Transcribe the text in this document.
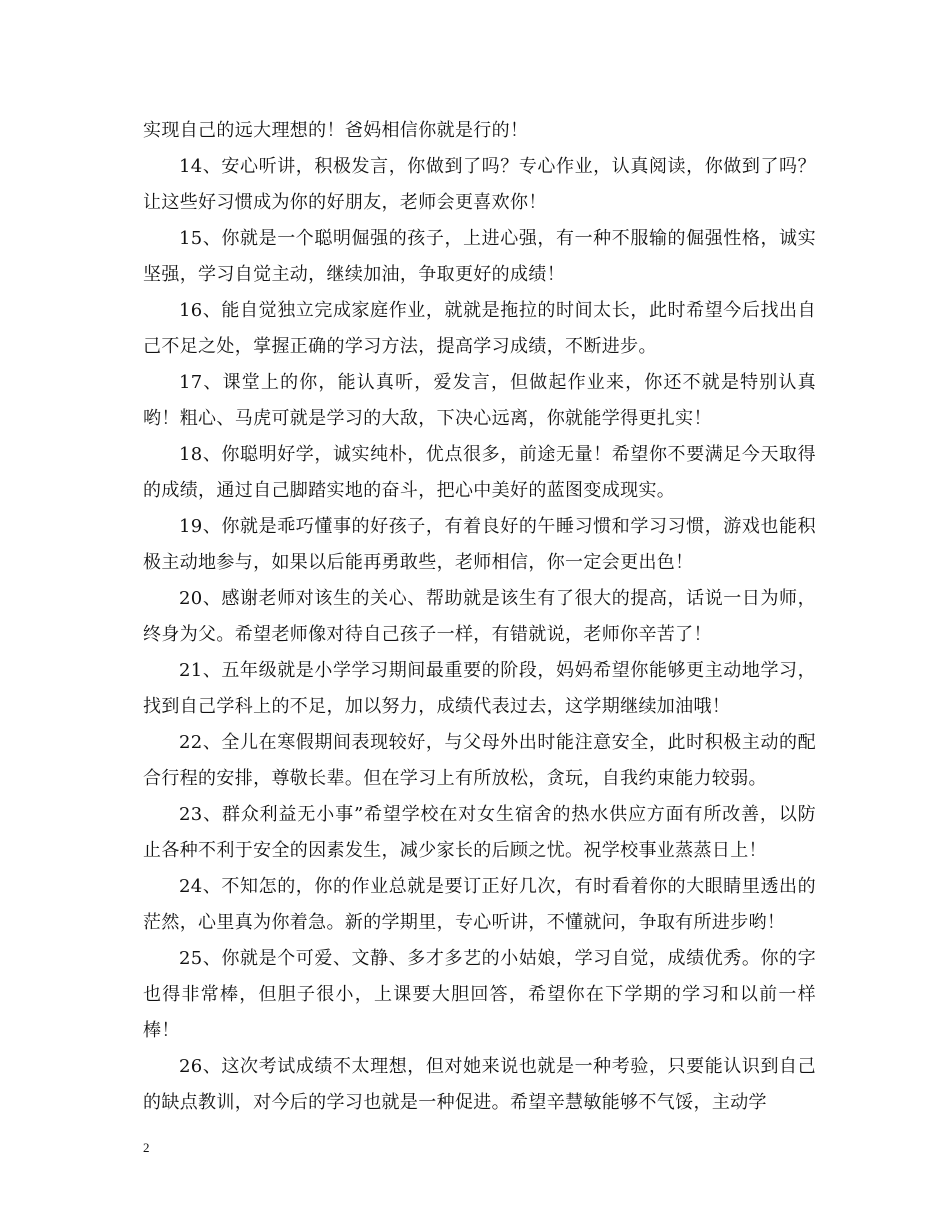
实现自己的远大理想的！爸妈相信你就是行的！

14、安心听讲，积极发言，你做到了吗？专心作业，认真阅读，你做到了吗？让这些好习惯成为你的好朋友，老师会更喜欢你！

15、你就是一个聪明倔强的孩子，上进心强，有一种不服输的倔强性格，诚实坚强，学习自觉主动，继续加油，争取更好的成绩！

16、能自觉独立完成家庭作业，就就是拖拉的时间太长，此时希望今后找出自己不足之处，掌握正确的学习方法，提高学习成绩，不断进步。

17、课堂上的你，能认真听，爱发言，但做起作业来，你还不就是特别认真哟！粗心、马虎可就是学习的大敌，下决心远离，你就能学得更扎实！

18、你聪明好学，诚实纯朴，优点很多，前途无量！希望你不要满足今天取得的成绩，通过自己脚踏实地的奋斗，把心中美好的蓝图变成现实。

19、你就是乖巧懂事的好孩子，有着良好的午睡习惯和学习习惯，游戏也能积极主动地参与，如果以后能再勇敢些，老师相信，你一定会更出色！

20、感谢老师对该生的关心、帮助就是该生有了很大的提高，话说一日为师，终身为父。希望老师像对待自己孩子一样，有错就说，老师你辛苦了！

21、五年级就是小学学习期间最重要的阶段，妈妈希望你能够更主动地学习，找到自己学科上的不足，加以努力，成绩代表过去，这学期继续加油哦！

22、全儿在寒假期间表现较好，与父母外出时能注意安全，此时积极主动的配合行程的安排，尊敬长辈。但在学习上有所放松，贪玩，自我约束能力较弱。

23、群众利益无小事”希望学校在对女生宿舍的热水供应方面有所改善，以防止各种不利于安全的因素发生，减少家长的后顾之忧。祝学校事业蒸蒸日上！

24、不知怎的，你的作业总就是要订正好几次，有时看着你的大眼睛里透出的茫然，心里真为你着急。新的学期里，专心听讲，不懂就问，争取有所进步哟！

25、你就是个可爱、文静、多才多艺的小姑娘，学习自觉，成绩优秀。你的字也得非常棒，但胆子很小，上课要大胆回答，希望你在下学期的学习和以前一样棒！

26、这次考试成绩不太理想，但对她来说也就是一种考验，只要能认识到自己的缺点教训，对今后的学习也就是一种促进。希望辛慧敏能够不气馁，主动学

2
